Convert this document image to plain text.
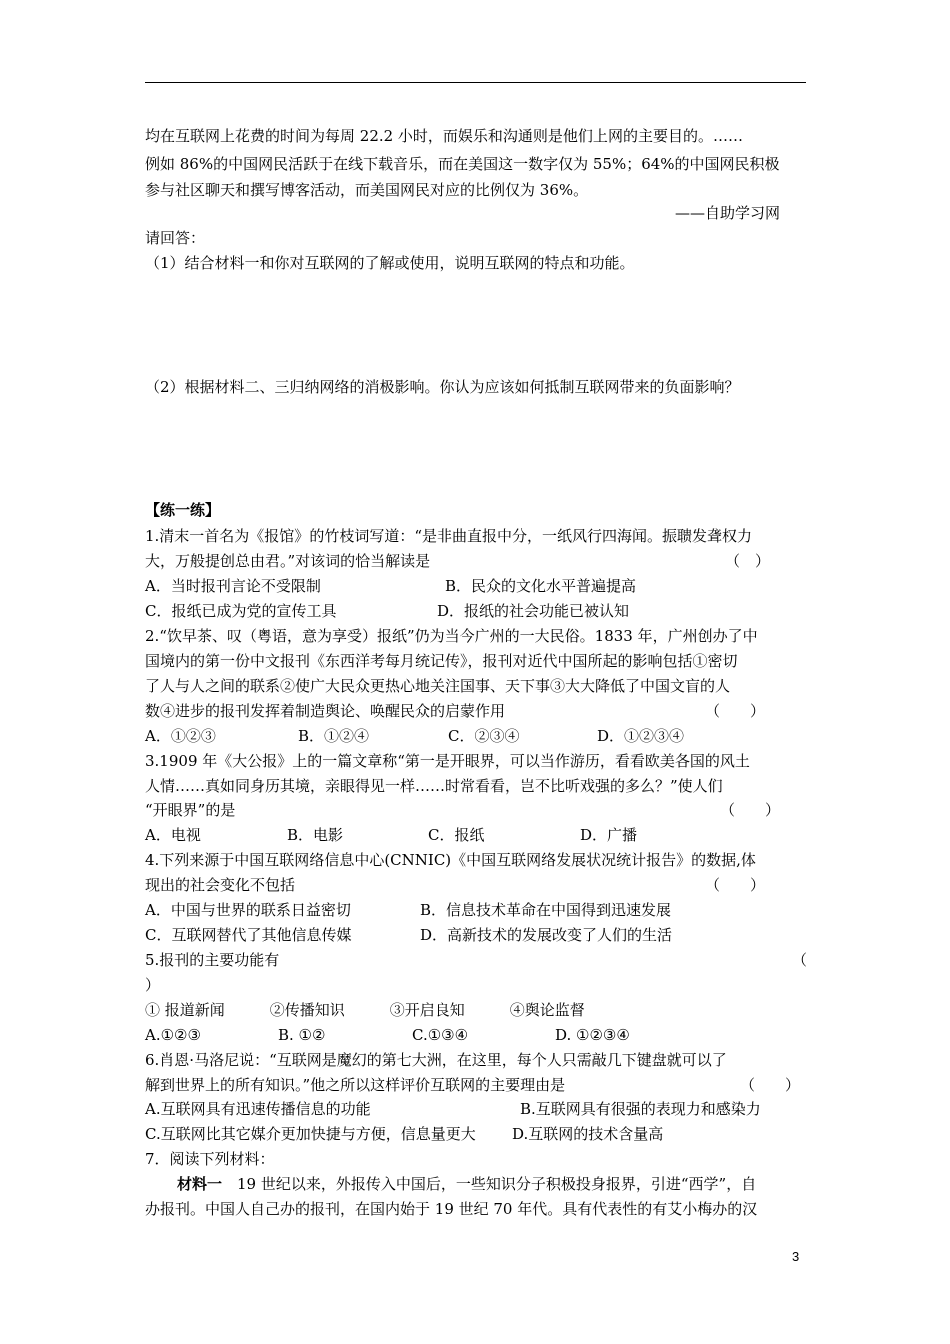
均在互联网上花费的时间为每周 22.2 小时，而娱乐和沟通则是他们上网的主要目的。……
例如 86%的中国网民活跃于在线下载音乐，而在美国这一数字仅为 55%；64%的中国网民积极
参与社区聊天和撰写博客活动，而美国网民对应的比例仅为 36%。
——自助学习网
请回答：
（1）结合材料一和你对互联网的了解或使用，说明互联网的特点和功能。
（2）根据材料二、三归纳网络的消极影响。你认为应该如何抵制互联网带来的负面影响？
【练一练】
1.清末一首名为《报馆》的竹枝词写道：“是非曲直报中分，一纸风行四海闻。振聩发聋权力
大，万般提创总由君。”对该词的恰当解读是	（　）
A．当时报刊言论不受限制	B．民众的文化水平普遍提高
C．报纸已成为党的宣传工具	D．报纸的社会功能已被认知
2.“饮早茶、叹（粤语，意为享受）报纸”仍为当今广州的一大民俗。1833 年，广州创办了中
国境内的第一份中文报刊《东西洋考每月统记传》，报刊对近代中国所起的影响包括①密切
了人与人之间的联系②使广大民众更热心地关注国事、天下事③大大降低了中国文盲的人
数④进步的报刊发挥着制造舆论、唤醒民众的启蒙作用	（　　）
A．①②③	B．①②④	C．②③④	D．①②③④
3.1909 年《大公报》上的一篇文章称“第一是开眼界，可以当作游历，看看欧美各国的风土
人情……真如同身历其境，亲眼得见一样……时常看看，岂不比听戏强的多么？”使人们
“开眼界”的是	（　　）
A．电视	B．电影	C．报纸	D．广播
4.下列来源于中国互联网络信息中心(CNNIC)《中国互联网络发展状况统计报告》的数据,体
现出的社会变化不包括	（　　）
A．中国与世界的联系日益密切	B．信息技术革命在中国得到迅速发展
C．互联网替代了其他信息传媒	D．高新技术的发展改变了人们的生活
5.报刊的主要功能有	（
）
① 报道新闻　　　②传播知识　　　③开启良知　　　④舆论监督
A.①②③	B. ①②	C.①③④	D. ①②③④
6.肖恩·马洛尼说：“互联网是魔幻的第七大洲，在这里，每个人只需敲几下键盘就可以了
解到世界上的所有知识。”他之所以这样评价互联网的主要理由是	（　　）
A.互联网具有迅速传播信息的功能	B.互联网具有很强的表现力和感染力
C.互联网比其它媒介更加快捷与方便，信息量更大 D.互联网的技术含量高
7．阅读下列材料：
材料一　19 世纪以来，外报传入中国后，一些知识分子积极投身报界，引进“西学”，自
办报刊。中国人自己办的报刊，在国内始于 19 世纪 70 年代。具有代表性的有艾小梅办的汉
3
